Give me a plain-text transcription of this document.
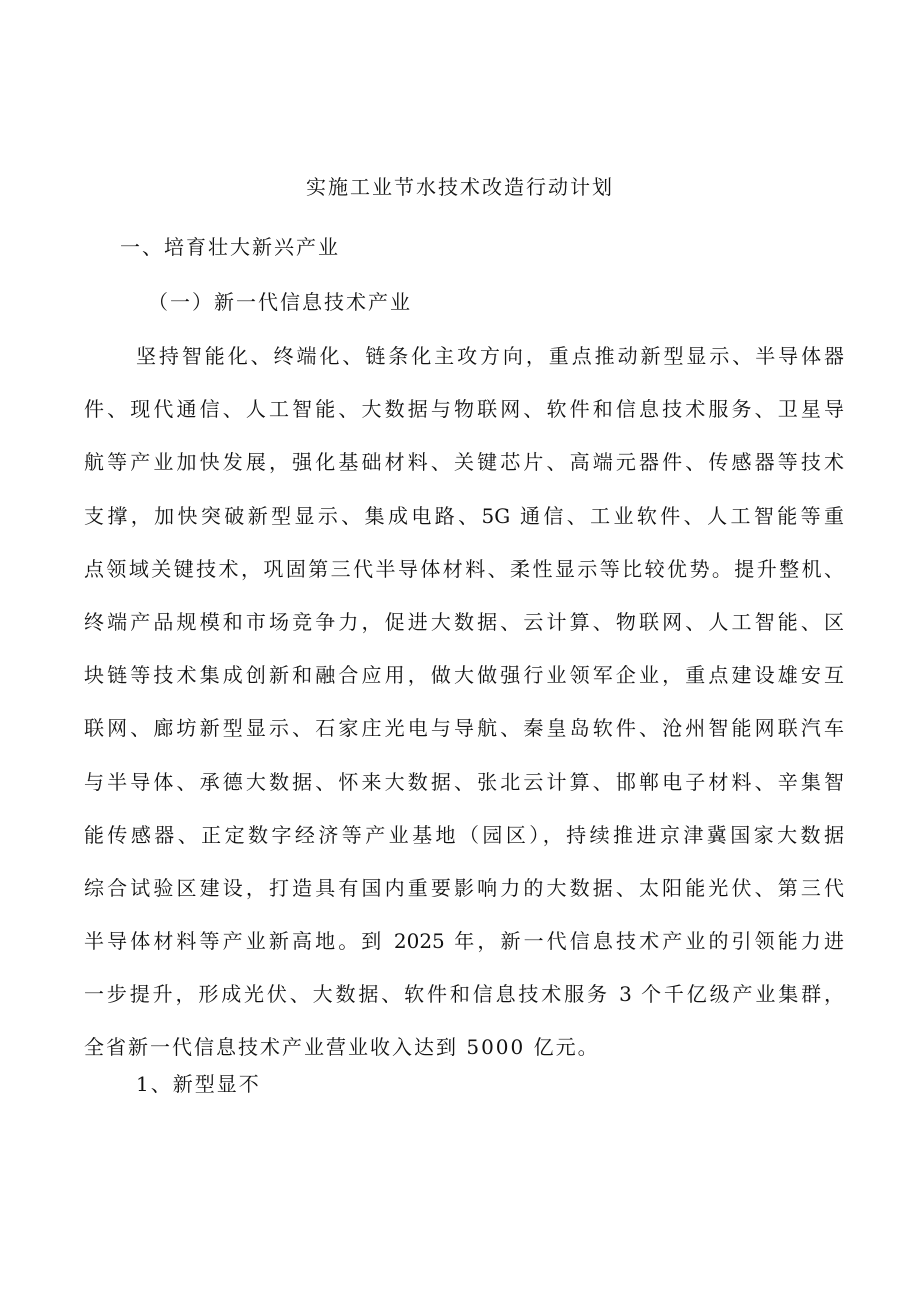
实施工业节水技术改造行动计划
一、培育壮大新兴产业
（一）新一代信息技术产业
坚持智能化、终端化、链条化主攻方向，重点推动新型显示、半导体器
件、现代通信、人工智能、大数据与物联网、软件和信息技术服务、卫星导
航等产业加快发展，强化基础材料、关键芯片、高端元器件、传感器等技术
支撑，加快突破新型显示、集成电路、5G 通信、工业软件、人工智能等重
点领域关键技术，巩固第三代半导体材料、柔性显示等比较优势。提升整机、
终端产品规模和市场竞争力，促进大数据、云计算、物联网、人工智能、区
块链等技术集成创新和融合应用，做大做强行业领军企业，重点建设雄安互
联网、廊坊新型显示、石家庄光电与导航、秦皇岛软件、沧州智能网联汽车
与半导体、承德大数据、怀来大数据、张北云计算、邯郸电子材料、辛集智
能传感器、正定数字经济等产业基地（园区），持续推进京津冀国家大数据
综合试验区建设，打造具有国内重要影响力的大数据、太阳能光伏、第三代
半导体材料等产业新高地。到 2025 年，新一代信息技术产业的引领能力进
一步提升，形成光伏、大数据、软件和信息技术服务 3 个千亿级产业集群，
全省新一代信息技术产业营业收入达到 5000 亿元。
1、新型显不
